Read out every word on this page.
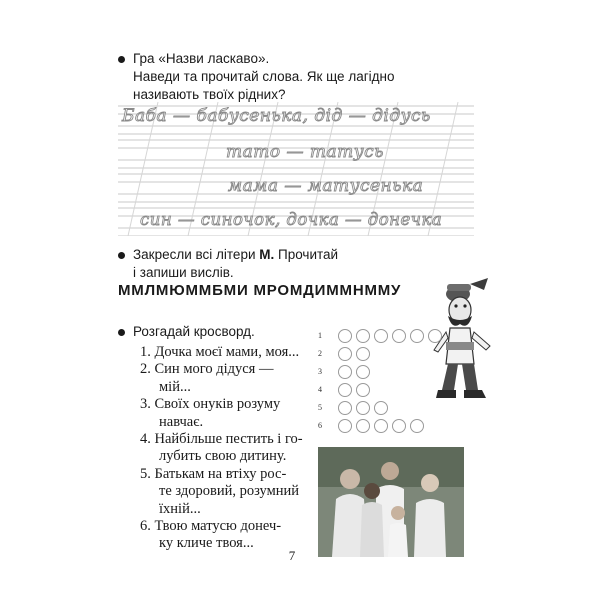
Гра «Назви ласкаво».
Наведи та прочитай слова. Як ще лагідно
називають твоїх рідних?
Баба — бабусенька, дід — дідусь
тато — татусь
мама — матусенька
син — синочок, дочка — донечка
Закресли всі літери М. Прочитай
і запиши вислів.
ММЛМЮММБМИ МРОМДИММНММУ
Розгадай кросворд.
1. Дочка моєї мами, моя...
2. Син мого дідуся —
мій...
3. Своїх онуків розуму
навчає.
4. Найбільше пестить і го-
лубить свою дитину.
5. Батькам на втіху рос-
те здоровий, розумний
їхній...
6. Твою матусю донеч-
ку кличе твоя...
1
2
3
4
5
6
7
